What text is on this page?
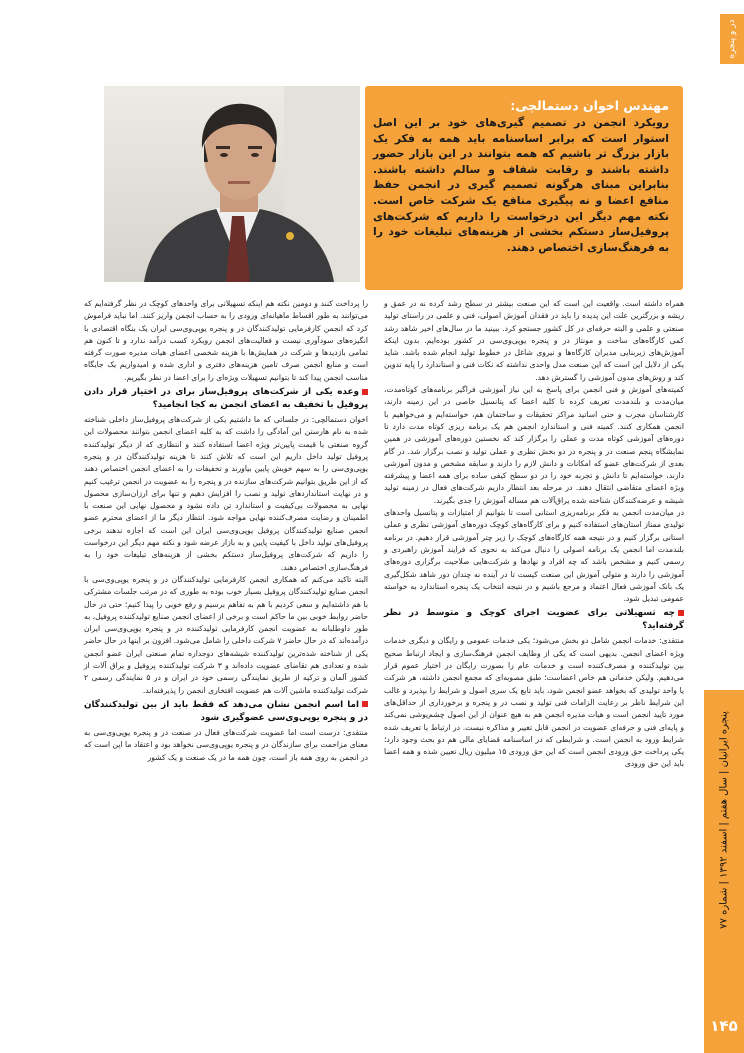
در و پنجره
پنجره ایرانیان | سال هفتم | اسفند ۱۳۹۲ | شماره ۷۷
۱۴۵
مهندس اخوان دستمالچی:
رویکرد انجمن در تصمیم گیری‌های خود بر این اصل استوار است که برابر اساسنامه باید همه به فکر یک بازار بزرگ تر باشیم که همه بتوانند در این بازار حضور داشته باشند و رقابت شفاف و سالم داشته باشند. بنابراین مبنای هرگونه تصمیم گیری در انجمن حفظ منافع اعضا و نه پیگیری منافع یک شرکت خاص است. نکته مهم دیگر این درخواست را داریم که شرکت‌های پروفیل‌ساز دستکم بخشی از هزینه‌های تبلیغات خود را به فرهنگ‌سازی اختصاص دهند.

همراه داشته است. واقعیت این است که این صنعت بیشتر در سطح رشد کرده نه در عمق و ریشه و بزرگترین علت این پدیده را باید در فقدان آموزش اصولی، فنی و علمی در راستای تولید صنعتی و علمی و البته حرفه‌ای در کل کشور جستجو کرد. ببینید ما در سال‌های اخیر شاهد رشد کمی کارگاه‌های ساخت و مونتاژ در و پنجره یوپی‌وی‌سی در کشور بوده‌ایم. بدون اینکه آموزش‌های زیربنایی مدیران کارگاه‌ها و نیروی شاغل در خطوط تولید انجام شده باشد. شاید یکی از دلایل این است که این صنعت مدل واحدی نداشته که نکات فنی و استاندارد را پایه تدوین کند و روش‌های مدون آموزشی را گسترش دهد.

کمیته‌های آموزش و فنی انجمن برای پاسخ به این نیاز آموزشی فراگیر برنامه‌های کوتاه‌مدت، میان‌مدت و بلندمدت تعریف کرده تا کلیه اعضا که پتانسیل خاصی در این زمینه دارند، کارشناسان مجرب و حتی اساتید مراکز تحقیقات و ساختمان هم، خواسته‌ایم و می‌خواهیم با انجمن همکاری کنند. کمیته فنی و استاندارد انجمن هم یک برنامه ریزی کوتاه مدت دارد تا دوره‌های آموزشی کوتاه مدت و عملی را برگزار کند که نخستین دوره‌های آموزشی در همین نمایشگاه پنجم صنعت در و پنجره در دو بخش نظری و عملی تولید و نصب برگزار شد. در گام بعدی از شرکت‌های عضو که امکانات و دانش لازم را دارند و سابقه مشخص و مدون آموزشی دارند، خواسته‌ایم تا دانش و تجربه خود را در دو سطح کیفی ساده برای همه اعضا و پیشرفته ویژه اعضای متقاضی انتقال دهند. در مرحله بعد انتظار داریم شرکت‌های فعال در زمینه تولید شیشه و عرضه‌کنندگان شناخته شده یراق‌آلات هم مساله آموزش را جدی بگیرند.

در میان‌مدت انجمن به فکر برنامه‌ریزی استانی است تا بتوانیم از امتیازات و پتانسیل واحدهای تولیدی ممتاز استان‌های استفاده کنیم و برای کارگاه‌های کوچک دوره‌های آموزشی نظری و عملی استانی برگزار کنیم و در نتیجه همه کارگاه‌های کوچک را زیر چتر آموزشی قرار دهیم. در برنامه بلندمدت اما انجمن یک برنامه اصولی را دنبال می‌کند به نحوی که فرایند آموزش راهبردی و رسمی کنیم و مشخص باشد که چه افراد و نهادها و شرکت‌هایی صلاحیت برگزاری دوره‌های آموزشی را دارند و متولی آموزش این صنعت کیست تا در آینده نه چندان دور شاهد شکل‌گیری یک بانک آموزشی فعال اعتماد و مرجع باشیم و در نتیجه انتخاب یک پنجره استاندارد به خواسته عمومی تبدیل شود.

چه تسهیلاتی برای عضویت اجرای کوچک و متوسط در نظر گرفته‌اید؟

منتقدی: خدمات انجمن شامل دو بخش می‌شود؛ یکی خدمات عمومی و رایگان و دیگری خدمات ویژه اعضای انجمن. بدیهی است که یکی از وظایف انجمن فرهنگ‌سازی و ایجاد ارتباط صحیح بین تولیدکننده و مصرف‌کننده است و خدمات عام را بصورت رایگان در اختیار عموم قرار می‌دهیم. ولیکن خدماتی هم خاص اعضاست؛ طبق مصوبه‌ای که مجمع انجمن داشته، هر شرکت یا واحد تولیدی که بخواهد عضو انجمن شود، باید تابع یک سری اصول و شرایط را بپذیرد و غالب این شرایط ناظر بر رعایت الزامات فنی تولید و نصب در و پنجره و برخورداری از حداقل‌های مورد تایید انجمن است و هیات مدیره انجمن هم به هیچ عنوان از این اصول چشم‌پوشی نمی‌کند و پایه‌ای فنی و حرفه‌ای عضویت در انجمن قابل تغییر و مذاکره نیست. در ارتباط با تعریف شده شرایط ورود به انجمن است. و شرایطی که در اساسنامه قضایای مالی هم دو بحث وجود دارد؛ یکی پرداخت حق ورودی انجمن است که این حق ورودی ۱۵ میلیون ریال تعیین شده و همه اعضا باید این حق ورودی

را پرداخت کنند و دومین نکته هم اینکه تسهیلاتی برای واحدهای کوچک در نظر گرفته‌ایم که می‌توانند به طور اقساط ماهیانه‌ای ورودی را به حساب انجمن واریز کنند. اما نباید فراموش کرد که انجمن کارفرمایی تولیدکنندگان در و پنجره یوپی‌وی‌سی ایران یک بنگاه اقتصادی با انگیزه‌های سودآوری نیست و فعالیت‌های انجمن رویکرد کسب درآمد ندارد و تا کنون هم تمامی بازدیدها و شرکت در همایش‌ها با هزینه شخصی اعضای هیات مدیره صورت گرفته است و منابع انجمن صرف تامین هزینه‌های دفتری و اداری شده و امیدواریم یک جایگاه مناسب انجمن پیدا کند تا بتوانیم تسهیلات ویژه‌ای را برای اعضا در نظر بگیریم.

وعده یکی از شرکت‌های پروفیل‌ساز برای در اختیار قرار دادن پروفیل با تخفیف به اعضای انجمن به کجا انجامید؟

اخوان دستمالچی: در جلساتی که ما داشتیم یکی از شرکت‌های پروفیل‌ساز داخلی شناخته شده به نام هارستن این آمادگی را داشت که به کلیه اعضای انجمن بتوانند محصولات این گروه صنعتی با قیمت پایین‌تر ویژه اعضا استفاده کنند و انتظاری که از دیگر تولیدکننده پروفیل تولید داخل داریم این است که تلاش کنند تا هزینه تولیدکنندگان در و پنجره یوپی‌وی‌سی را به سهم خویش پایین بیاورند و تخفیفات را به اعضای انجمن اختصاص دهند که از این طریق بتوانیم شرکت‌های سازنده در و پنجره را به عضویت در انجمن ترغیب کنیم و در نهایت استانداردهای تولید و نصب را افزایش دهیم و تنها برای ارزان‌سازی محصول نهایی به محصولات بی‌کیفیت و استاندارد تن داده نشود و محصول نهایی این صنعت با اطمینان و رضایت مصرف‌کننده نهایی مواجه شود. انتظار دیگر ما از اعضای محترم عضو انجمن صنایع تولیدکنندگان پروفیل یوپی‌وی‌سی ایران این است که اجازه ندهند برخی پروفیل‌های تولید داخل با کیفیت پایین و به بازار عرضه شود و نکته مهم دیگر این درخواست را داریم که شرکت‌های پروفیل‌ساز دستکم بخشی از هزینه‌های تبلیغات خود را به فرهنگ‌سازی اختصاص دهند.

البته تاکید می‌کنم که همکاری انجمن کارفرمایی تولیدکنندگان در و پنجره یوپی‌وی‌سی با انجمن صنایع تولیدکنندگان پروفیل بسیار خوب بوده به طوری که در مرتب جلسات مشترکی با هم داشته‌ایم و سعی کردیم با هم به تفاهم برسیم و رفع خوبی را پیدا کنیم؛ حتی در حال حاضر روابط خوبی بین ما حاکم است و برخی از اعضای انجمن صنایع تولیدکننده پروفیل، به طور داوطلبانه به عضویت انجمن کارفرمایی تولیدکننده در و پنجره یوپی‌وی‌سی ایران درآمده‌اند که در حال حاضر ۷ شرکت داخلی را شامل می‌شود. افزون بر اینها در حال حاضر یکی از شناخته شده‌ترین تولیدکننده شیشه‌های دوجداره تمام صنعتی ایران عضو انجمن شده و تعدادی هم تقاضای عضویت داده‌اند و ۳ شرکت تولیدکننده پروفیل و یراق آلات از کشور آلمان و ترکیه از طریق نمایندگی رسمی خود در ایران و در ۵ نمایندگی رسمی ۲ شرکت تولیدکننده ماشین آلات هم عضویت افتخاری انجمن را پذیرفته‌اند.

اما اسم انجمن نشان می‌دهد که فقط باید از بین تولیدکنندگان در و پنجره یوپی‌وی‌سی عضوگیری شود

منتقدی: درست است اما عضویت شرکت‌های فعال در صنعت در و پنجره یوپی‌وی‌سی به معنای مزاحمت برای سازندگان در و پنجره یوپی‌وی‌سی نخواهد بود و اعتقاد ما این است که در انجمن به روی همه باز است، چون همه ما در یک صنعت و یک کشور
